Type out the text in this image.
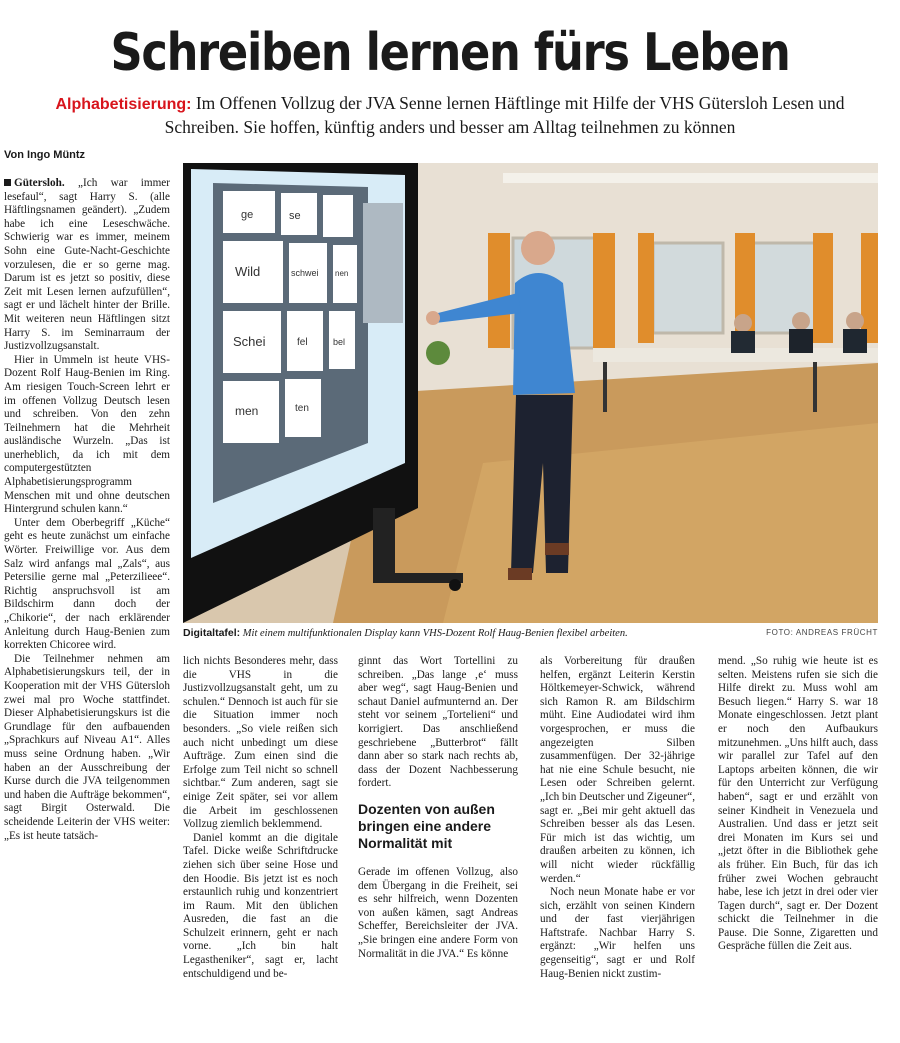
Schreiben lernen fürs Leben
Alphabetisierung: Im Offenen Vollzug der JVA Senne lernen Häftlinge mit Hilfe der VHS Gütersloh Lesen und Schreiben. Sie hoffen, künftig anders und besser am Alltag teilnehmen zu können
Von Ingo Müntz

Gütersloh. „Ich war immer lesefaul“, sagt Harry S. (alle Häftlingsnamen geändert). „Zudem habe ich eine Leseschwäche. Schwierig war es immer, meinem Sohn eine Gute-Nacht-Geschichte vorzulesen, die er so gerne mag. Darum ist es jetzt so positiv, diese Zeit mit Lesen lernen aufzufüllen“, sagt er und lächelt hinter der Brille. Mit weiteren neun Häftlingen sitzt Harry S. im Seminarraum der Justizvollzugsanstalt.

Hier in Ummeln ist heute VHS-Dozent Rolf Haug-Benien im Ring. Am riesigen Touch-Screen lehrt er im offenen Vollzug Deutsch lesen und schreiben. Von den zehn Teilnehmern hat die Mehrheit ausländische Wurzeln. „Das ist unerheblich, da ich mit dem computergestützten Alphabetisierungsprogramm Menschen mit und ohne deutschen Hintergrund schulen kann.“

Unter dem Oberbegriff „Küche“ geht es heute zunächst um einfache Wörter. Freiwillige vor. Aus dem Salz wird anfangs mal „Zals“, aus Petersilie gerne mal „Peterzilieee“. Richtig anspruchsvoll ist am Bildschirm dann doch der „Chikorie“, der nach erklärender Anleitung durch Haug-Benien zum korrekten Chicoree wird.

Die Teilnehmer nehmen am Alphabetisierungskurs teil, der in Kooperation mit der VHS Gütersloh zwei mal pro Woche stattfindet. Dieser Alphabetisierungskurs ist die Grundlage für den aufbauenden „Sprachkurs auf Niveau A1“. Alles muss seine Ordnung haben. „Wir haben an der Ausschreibung der Kurse durch die JVA teilgenommen und haben die Aufträge bekommen“, sagt Birgit Osterwald. Die scheidende Leiterin der VHS weiter: „Es ist heute tatsäch-

ge	se
Wild	schwei nen
Schei	fel	bel
men	ten
Digitaltafel: Mit einem multifunktionalen Display kann VHS-Dozent Rolf Haug-Benien flexibel arbeiten.	FOTO: ANDREAS FRÜCHT

lich nichts Besonderes mehr, dass die VHS in die Justizvollzugsanstalt geht, um zu schulen.“ Dennoch ist auch für sie die Situation immer noch besonders. „So viele reißen sich auch nicht unbedingt um diese Aufträge. Zum einen sind die Erfolge zum Teil nicht so schnell sichtbar.“ Zum anderen, sagt sie einige Zeit später, sei vor allem die Arbeit im geschlossenen Vollzug ziemlich beklemmend.

Daniel kommt an die digitale Tafel. Dicke weiße Schriftdrucke ziehen sich über seine Hose und den Hoodie. Bis jetzt ist es noch erstaunlich ruhig und konzentriert im Raum. Mit den üblichen Ausreden, die fast an die Schulzeit erinnern, geht er nach vorne. „Ich bin halt Legastheniker“, sagt er, lacht entschuldigend und be-

ginnt das Wort Tortellini zu schreiben. „Das lange ‚e‘ muss aber weg“, sagt Haug-Benien und schaut Daniel aufmunternd an. Der steht vor seinem „Tortelieni“ und korrigiert. Das anschließend geschriebene „Butterbrot“ fällt dann aber so stark nach rechts ab, dass der Dozent Nachbesserung fordert.

Dozenten von außen bringen eine andere Normalität mit

Gerade im offenen Vollzug, also dem Übergang in die Freiheit, sei es sehr hilfreich, wenn Dozenten von außen kämen, sagt Andreas Scheffer, Bereichsleiter der JVA. „Sie bringen eine andere Form von Normalität in die JVA.“ Es könne

als Vorbereitung für draußen helfen, ergänzt Leiterin Kerstin Höltkemeyer-Schwick, während sich Ramon R. am Bildschirm müht. Eine Audiodatei wird ihm vorgesprochen, er muss die angezeigten Silben zusammenfügen. Der 32-jährige hat nie eine Schule besucht, nie Lesen oder Schreiben gelernt. „Ich bin Deutscher und Zigeuner“, sagt er. „Bei mir geht aktuell das Schreiben besser als das Lesen. Für mich ist das wichtig, um draußen arbeiten zu können, ich will nicht wieder rückfällig werden.“

Noch neun Monate habe er vor sich, erzählt von seinen Kindern und der fast vierjährigen Haftstrafe. Nachbar Harry S. ergänzt: „Wir helfen uns gegenseitig“, sagt er und Rolf Haug-Benien nickt zustim-

mend. „So ruhig wie heute ist es selten. Meistens rufen sie sich die Hilfe direkt zu. Muss wohl am Besuch liegen.“ Harry S. war 18 Monate eingeschlossen. Jetzt plant er noch den Aufbaukurs mitzunehmen. „Uns hilft auch, dass wir parallel zur Tafel auf den Laptops arbeiten können, die wir für den Unterricht zur Verfügung haben“, sagt er und erzählt von seiner Kindheit in Venezuela und Australien. Und dass er jetzt seit drei Monaten im Kurs sei und „jetzt öfter in die Bibliothek gehe als früher. Ein Buch, für das ich früher zwei Wochen gebraucht habe, lese ich jetzt in drei oder vier Tagen durch“, sagt er. Der Dozent schickt die Teilnehmer in die Pause. Die Sonne, Zigaretten und Gespräche füllen die Zeit aus.
